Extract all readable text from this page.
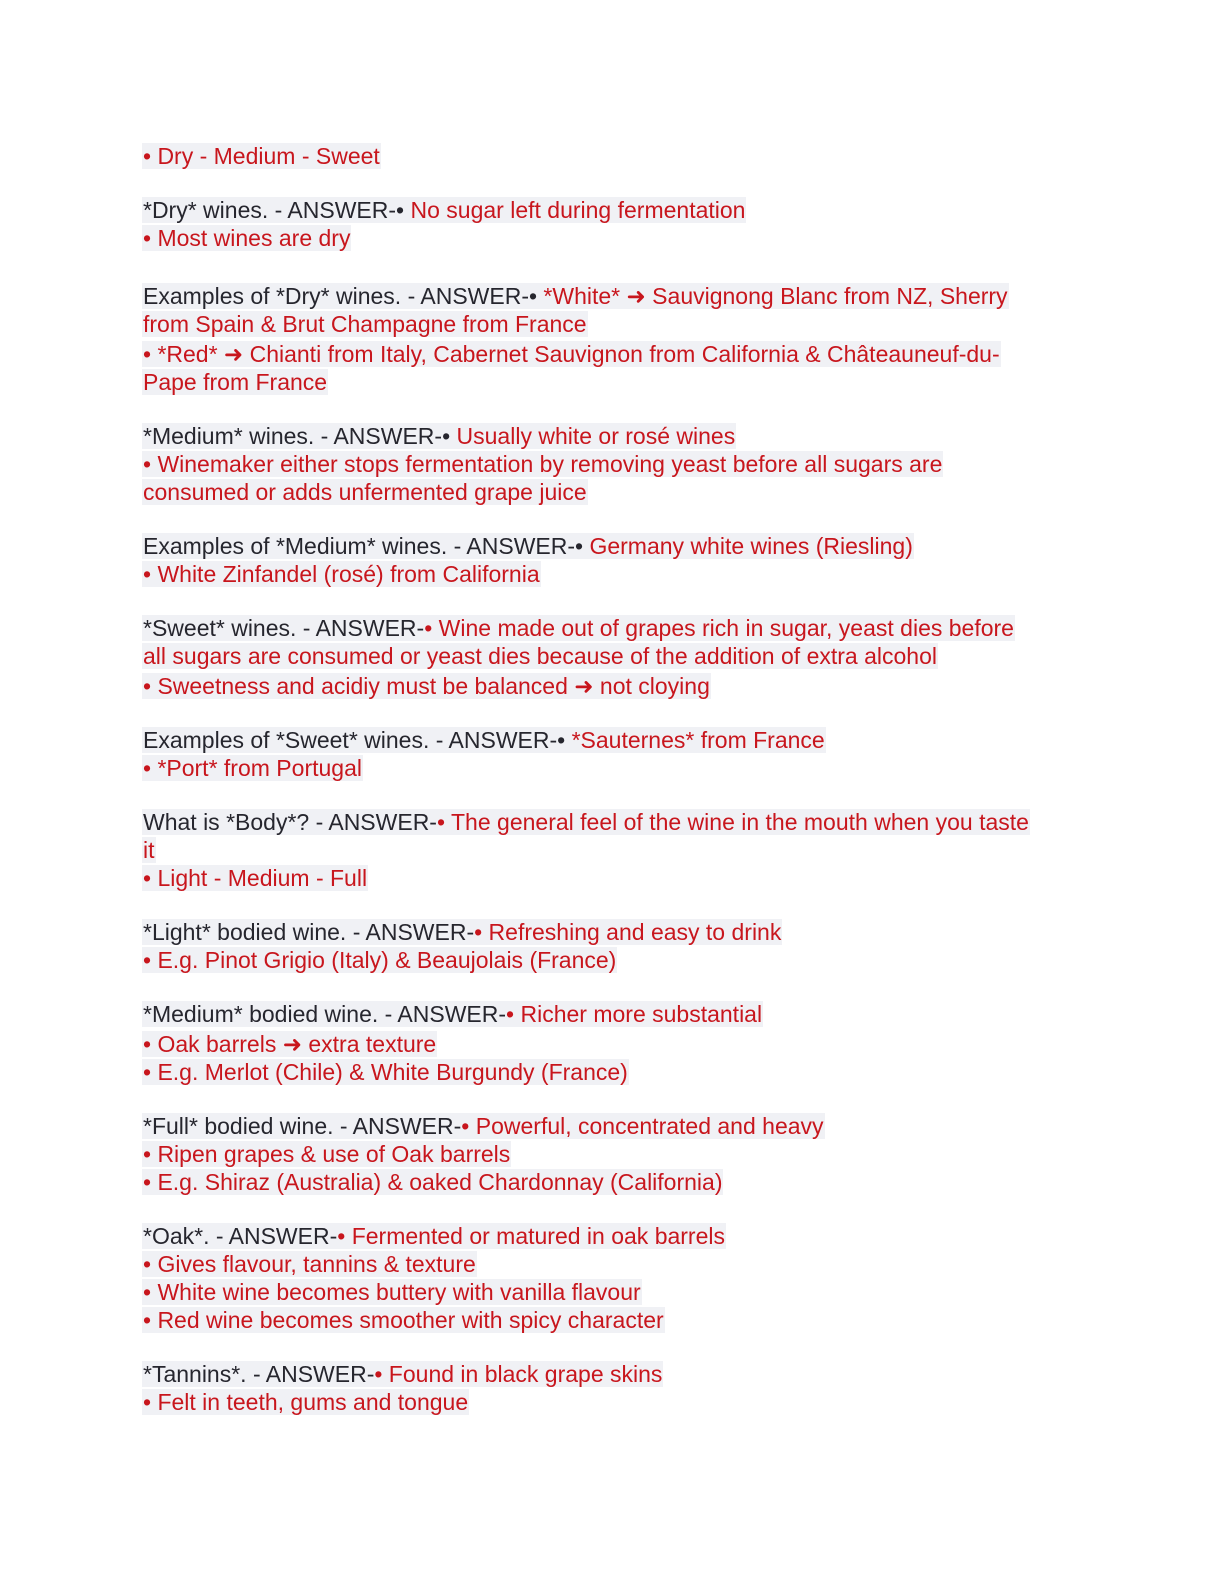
• Dry - Medium - Sweet
*Dry* wines. - ANSWER-• No sugar left during fermentation
• Most wines are dry
Examples of *Dry* wines. - ANSWER-• *White* ➜ Sauvignong Blanc from NZ, Sherry
from Spain & Brut Champagne from France
• *Red* ➜ Chianti from Italy, Cabernet Sauvignon from California & Châteauneuf-du-
Pape from France
*Medium* wines. - ANSWER-• Usually white or rosé wines
• Winemaker either stops fermentation by removing yeast before all sugars are
consumed or adds unfermented grape juice
Examples of *Medium* wines. - ANSWER-• Germany white wines (Riesling)
• White Zinfandel (rosé) from California
*Sweet* wines. - ANSWER-• Wine made out of grapes rich in sugar, yeast dies before
all sugars are consumed or yeast dies because of the addition of extra alcohol
• Sweetness and acidiy must be balanced ➜ not cloying
Examples of *Sweet* wines. - ANSWER-• *Sauternes* from France
• *Port* from Portugal
What is *Body*? - ANSWER-• The general feel of the wine in the mouth when you taste
it
• Light - Medium - Full
*Light* bodied wine. - ANSWER-• Refreshing and easy to drink
• E.g. Pinot Grigio (Italy) & Beaujolais (France)
*Medium* bodied wine. - ANSWER-• Richer more substantial
• Oak barrels ➜ extra texture
• E.g. Merlot (Chile) & White Burgundy (France)
*Full* bodied wine. - ANSWER-• Powerful, concentrated and heavy
• Ripen grapes & use of Oak barrels
• E.g. Shiraz (Australia) & oaked Chardonnay (California)
*Oak*. - ANSWER-• Fermented or matured in oak barrels
• Gives flavour, tannins & texture
• White wine becomes buttery with vanilla flavour
• Red wine becomes smoother with spicy character
*Tannins*. - ANSWER-• Found in black grape skins
• Felt in teeth, gums and tongue
